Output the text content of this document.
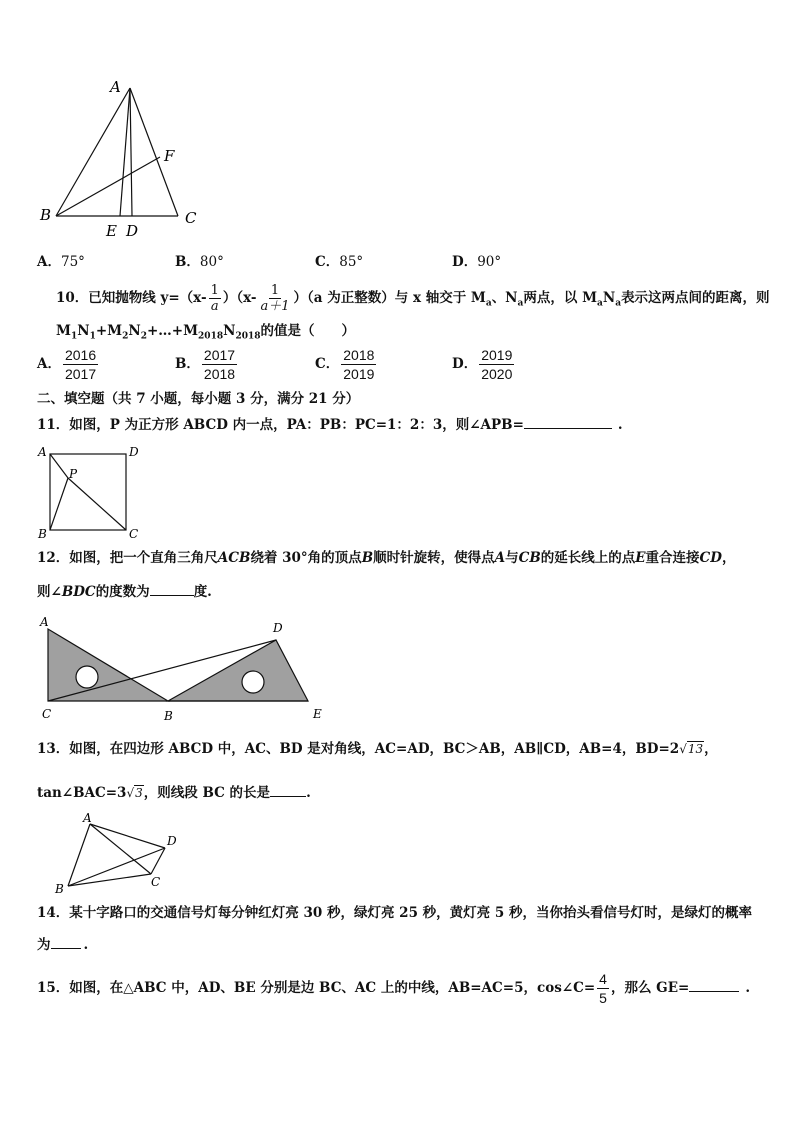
A
B	C
E D
F
A．75°	B．80°	C．85°	D．90°
10．已知抛物线 $y=(x- \frac{1}{a} )(x- \frac{1}{a+1} )(a$ 为正整数）与 x 轴交于 $M_a$、$N_a$两点，以 $M_aN_a$表示这两点间的距离，则
$M_1N_1+M_2N_2+\dots+M_{2018}N_{2018}$的值是（　　）
A． $\frac{2016}{2017}$	B． $\frac{2017}{2018}$	C． $\frac{2018}{2019}$	D． $\frac{2019}{2020}$
二、填空题（共 7 小题，每小题 3 分，满分 21 分）
11．如图，P 为正方形 ABCD 内一点，PA：PB：PC=1：2：3，则∠APB=	.
A	D
P
B	C
12．如图，把一个直角三角尺ACB绕着 30°角的顶点B顺时针旋转，使得点A与CB的延长线上的点E重合连接CD，
则∠BDC的度数为	度.
A	D
C	B	E
13．如图，在四边形 ABCD 中，AC、BD 是对角线，AC=AD，BC＞AB，AB∥CD，AB=4，BD=2√13，
tan∠BAC=3√3，则线段 BC 的长是	.
A
D
B	C
14．某十字路口的交通信号灯每分钟红灯亮 30 秒，绿灯亮 25 秒，黄灯亮 5 秒，当你抬头看信号灯时，是绿灯的概率
为 .
15．如图，在△ABC 中，AD、BE 分别是边 BC、AC 上的中线，AB=AC=5，cos∠C= $\frac{4}{5}$ ，那么 GE=	.
